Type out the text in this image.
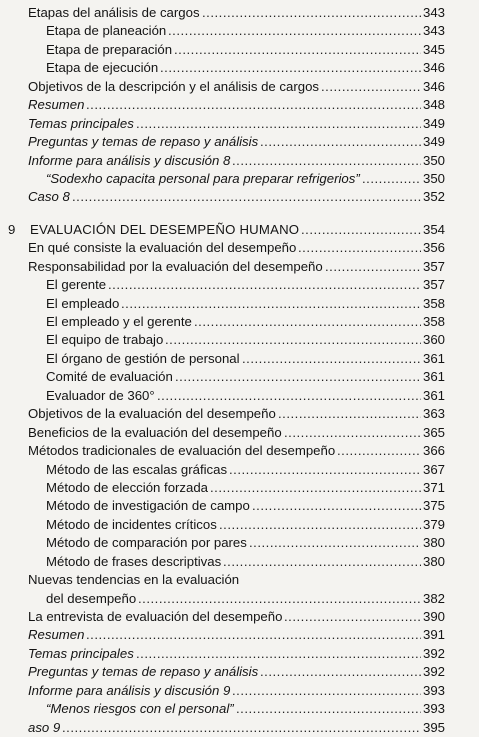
Etapas del análisis de cargos	343
.....
Etapa de planeación	343
.....
Etapa de preparación	345
.....
Etapa de ejecución	346
.....
Objetivos de la descripción y el análisis de cargos	346
.....
Resumen	348
.....
Temas principales	349
.....
Preguntas y temas de repaso y análisis	349
.....
Informe para análisis y discusión 8	350
.....
“Sodexho capacita personal para preparar refrigerios”	350
.....
Caso 8	352
.....
9 EVALUACIÓN DEL DESEMPEÑO HUMANO	354
.....
En qué consiste la evaluación del desempeño	356
.....
Responsabilidad por la evaluación del desempeño	357
.....
El gerente	357
.....
El empleado	358
.....
El empleado y el gerente	358
.....
El equipo de trabajo	360
.....
El órgano de gestión de personal	361
.....
Comité de evaluación	361
.....
Evaluador de 360°	361
.....
Objetivos de la evaluación del desempeño	363
.....
Beneficios de la evaluación del desempeño	365
.....
Métodos tradicionales de evaluación del desempeño	366
.....
Método de las escalas gráficas	367
.....
Método de elección forzada	371
.....
Método de investigación de campo	375
.....
Método de incidentes críticos	379
.....
Método de comparación por pares	380
.....
Método de frases descriptivas	380
.....
Nuevas tendencias en la evaluación
del desempeño	382
.....
La entrevista de evaluación del desempeño	390
.....
Resumen	391
.....
Temas principales	392
.....
Preguntas y temas de repaso y análisis	392
.....
Informe para análisis y discusión 9	393
.....
“Menos riesgos con el personal”	393
.....
aso 9	395
.....
